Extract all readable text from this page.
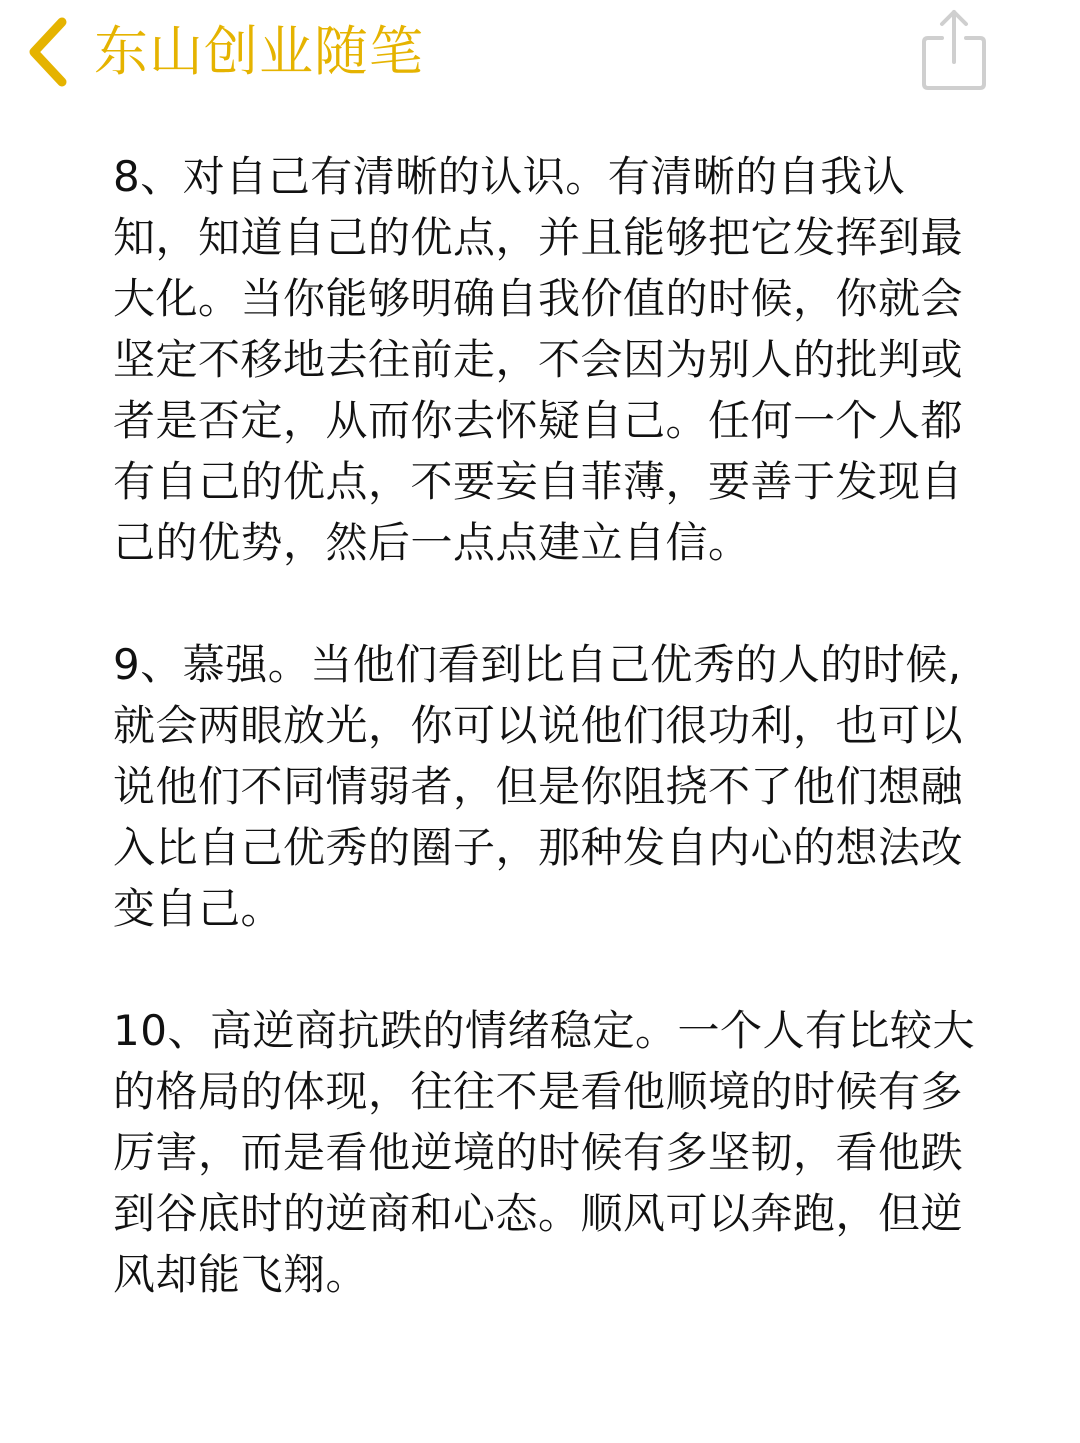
东山创业随笔

8、对自己有清晰的认识。有清晰的自我认知，知道自己的优点，并且能够把它发挥到最大化。当你能够明确自我价值的时候，你就会坚定不移地去往前走，不会因为别人的批判或者是否定，从而你去怀疑自己。任何一个人都有自己的优点，不要妄自菲薄，要善于发现自己的优势，然后一点点建立自信。

9、慕强。当他们看到比自己优秀的人的时候,就会两眼放光，你可以说他们很功利，也可以说他们不同情弱者，但是你阻挠不了他们想融入比自己优秀的圈子，那种发自内心的想法改变自己。

10、高逆商抗跌的情绪稳定。一个人有比较大的格局的体现，往往不是看他顺境的时候有多厉害，而是看他逆境的时候有多坚韧，看他跌到谷底时的逆商和心态。顺风可以奔跑，但逆风却能飞翔。
